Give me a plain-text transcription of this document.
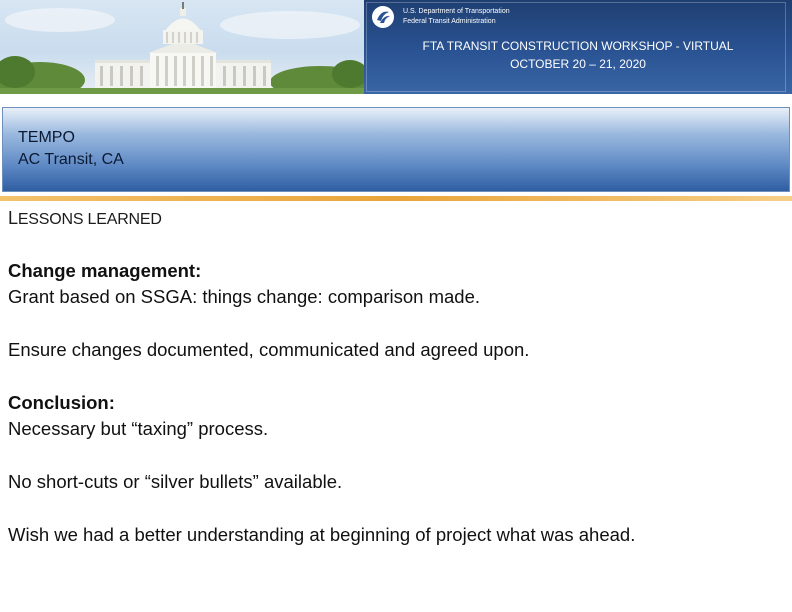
U.S. Department of Transportation
Federal Transit Administration
FTA TRANSIT CONSTRUCTION WORKSHOP - VIRTUAL
OCTOBER 20 – 21, 2020
TEMPO
AC Transit, CA
LESSONS LEARNED

Change management:

Grant based on SSGA: things change: comparison made.

Ensure changes documented, communicated and agreed upon.

Conclusion:

Necessary but “taxing” process.

No short-cuts or “silver bullets” available.

Wish we had a better understanding at beginning of project what was ahead.
